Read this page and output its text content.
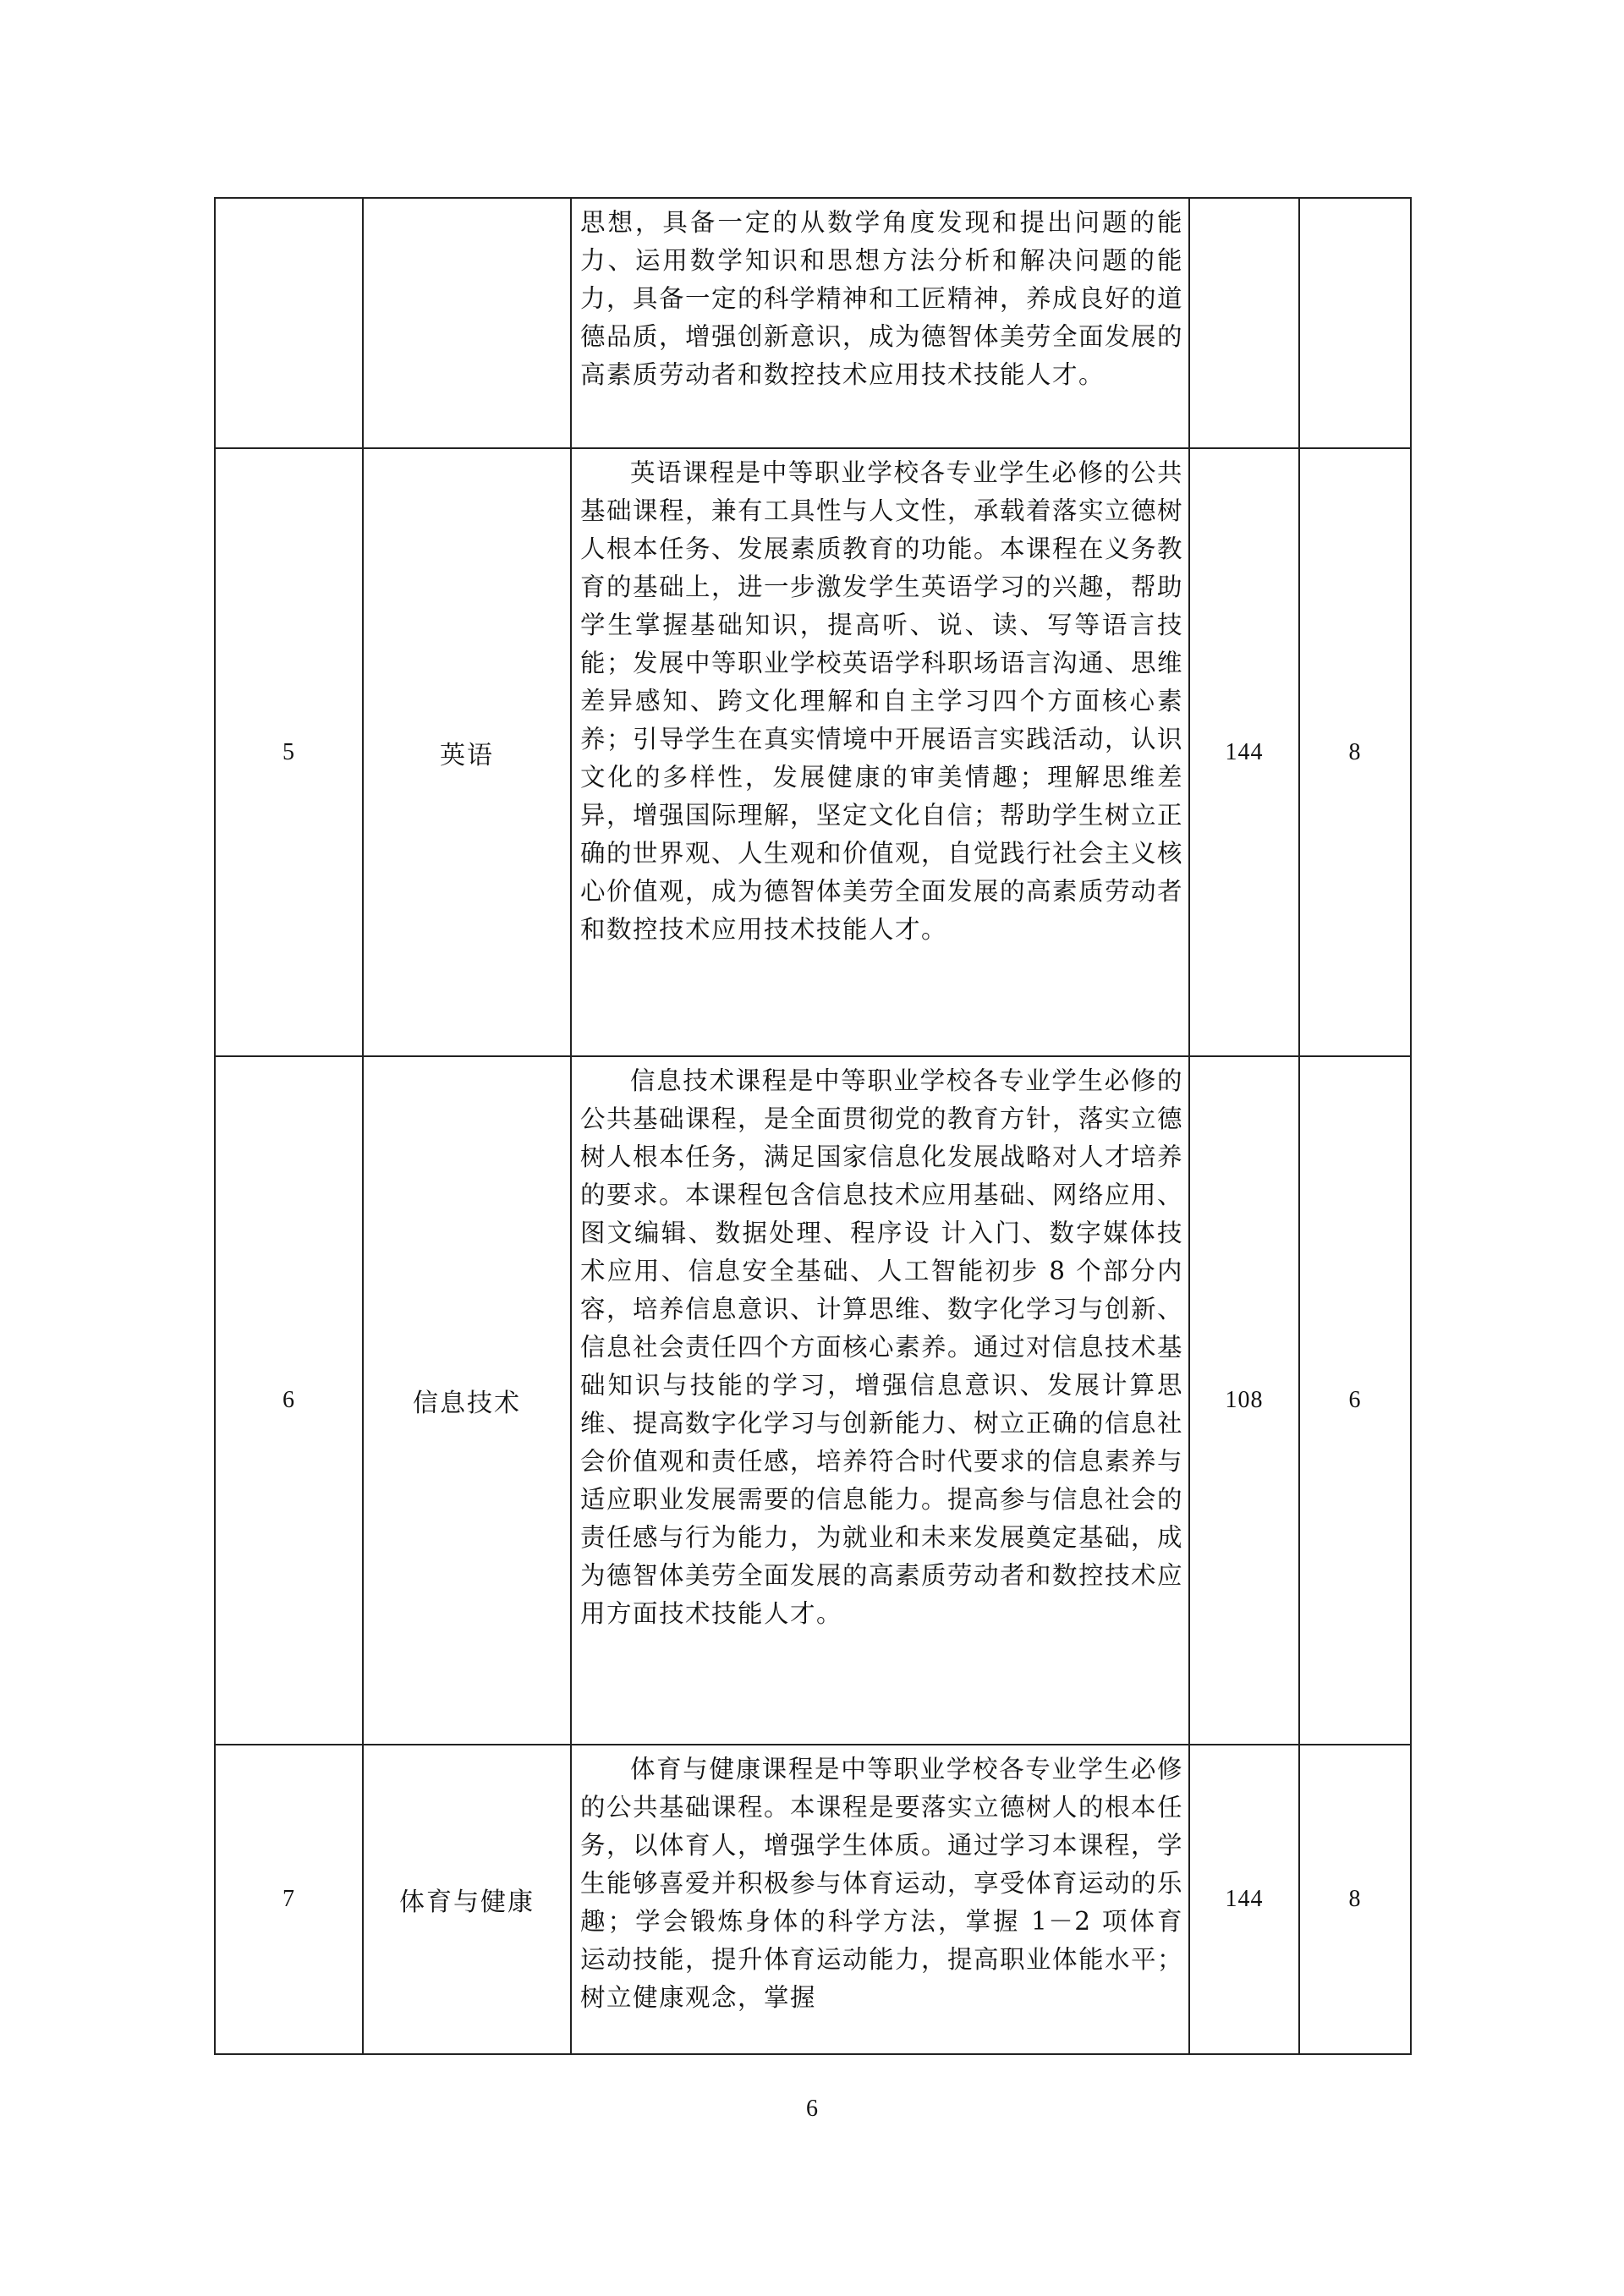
		思想，具备一定的从数学角度发现和提出问题的能力、运用数学知识和思想方法分析和解决问题的能力，具备一定的科学精神和工匠精神，养成良好的道德品质，增强创新意识，成为德智体美劳全面发展的高素质劳动者和数控技术应用技术技能人才。		

5	英语	英语课程是中等职业学校各专业学生必修的公共基础课程，兼有工具性与人文性，承载着落实立德树人根本任务、发展素质教育的功能。本课程在义务教育的基础上，进一步激发学生英语学习的兴趣，帮助学生掌握基础知识，提高听、说、读、写等语言技能；发展中等职业学校英语学科职场语言沟通、思维差异感知、跨文化理解和自主学习四个方面核心素养；引导学生在真实情境中开展语言实践活动，认识文化的多样性，发展健康的审美情趣；理解思维差异，增强国际理解，坚定文化自信；帮助学生树立正确的世界观、人生观和价值观，自觉践行社会主义核心价值观，成为德智体美劳全面发展的高素质劳动者和数控技术应用技术技能人才。	144	8
6	信息技术	信息技术课程是中等职业学校各专业学生必修的公共基础课程，是全面贯彻党的教育方针，落实立德树人根本任务，满足国家信息化发展战略对人才培养的要求。本课程包含信息技术应用基础、网络应用、图文编辑、数据处理、程序设 计入门、数字媒体技术应用、信息安全基础、人工智能初步 8 个部分内容，培养信息意识、计算思维、数字化学习与创新、信息社会责任四个方面核心素养。通过对信息技术基础知识与技能的学习，增强信息意识、发展计算思维、提高数字化学习与创新能力、树立正确的信息社会价值观和责任感，培养符合时代要求的信息素养与适应职业发展需要的信息能力。提高参与信息社会的责任感与行为能力，为就业和未来发展奠定基础，成为德智体美劳全面发展的高素质劳动者和数控技术应用方面技术技能人才。	108	6
7	体育与健康	体育与健康课程是中等职业学校各专业学生必修的公共基础课程。本课程是要落实立德树人的根本任务，以体育人，增强学生体质。通过学习本课程，学生能够喜爱并积极参与体育运动，享受体育运动的乐趣；学会锻炼身体的科学方法，掌握 1－2 项体育运动技能，提升体育运动能力，提高职业体能水平；树立健康观念，掌握	144	8
6
